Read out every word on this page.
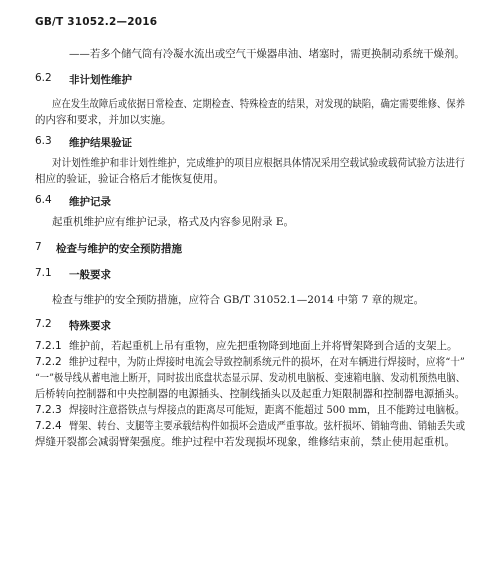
GB/T 31052.2—2016
——若多个储气筒有冷凝水流出或空气干燥器串油、堵塞时，需更换制动系统干燥剂。
6.2 非计划性维护
应在发生故障后或依据日常检查、定期检查、特殊检查的结果，对发现的缺陷，确定需要维修、保养
的内容和要求，并加以实施。
6.3 维护结果验证
对计划性维护和非计划性维护，完成维护的项目应根据具体情况采用空载试验或载荷试验方法进行
相应的验证，验证合格后才能恢复使用。
6.4 维护记录
起重机维护应有维护记录，格式及内容参见附录 E。
7 检查与维护的安全预防措施
7.1 一般要求
检查与维护的安全预防措施，应符合 GB/T 31052.1—2014 中第 7 章的规定。
7.2 特殊要求
7.2.1 维护前，若起重机上吊有重物，应先把重物降到地面上并将臂架降到合适的支架上。
7.2.2 维护过程中，为防止焊接时电流会导致控制系统元件的损坏，在对车辆进行焊接时，应将“十”
“一”极导线从蓄电池上断开，同时拔出底盘状态显示屏、发动机电脑板、变速箱电脑、发动机预热电脑、
后桥转向控制器和中央控制器的电源插头、控制线插头以及起重力矩限制器和控制器电源插头。
7.2.3 焊接时注意搭铁点与焊接点的距离尽可能短，距离不能超过 500 mm，且不能跨过电脑板。
7.2.4 臂架、转台、支腿等主要承载结构件如损坏会造成严重事故。弦杆损坏、销轴弯曲、销轴丢失或
焊缝开裂都会减弱臂架强度。维护过程中若发现损坏现象，维修结束前，禁止使用起重机。
